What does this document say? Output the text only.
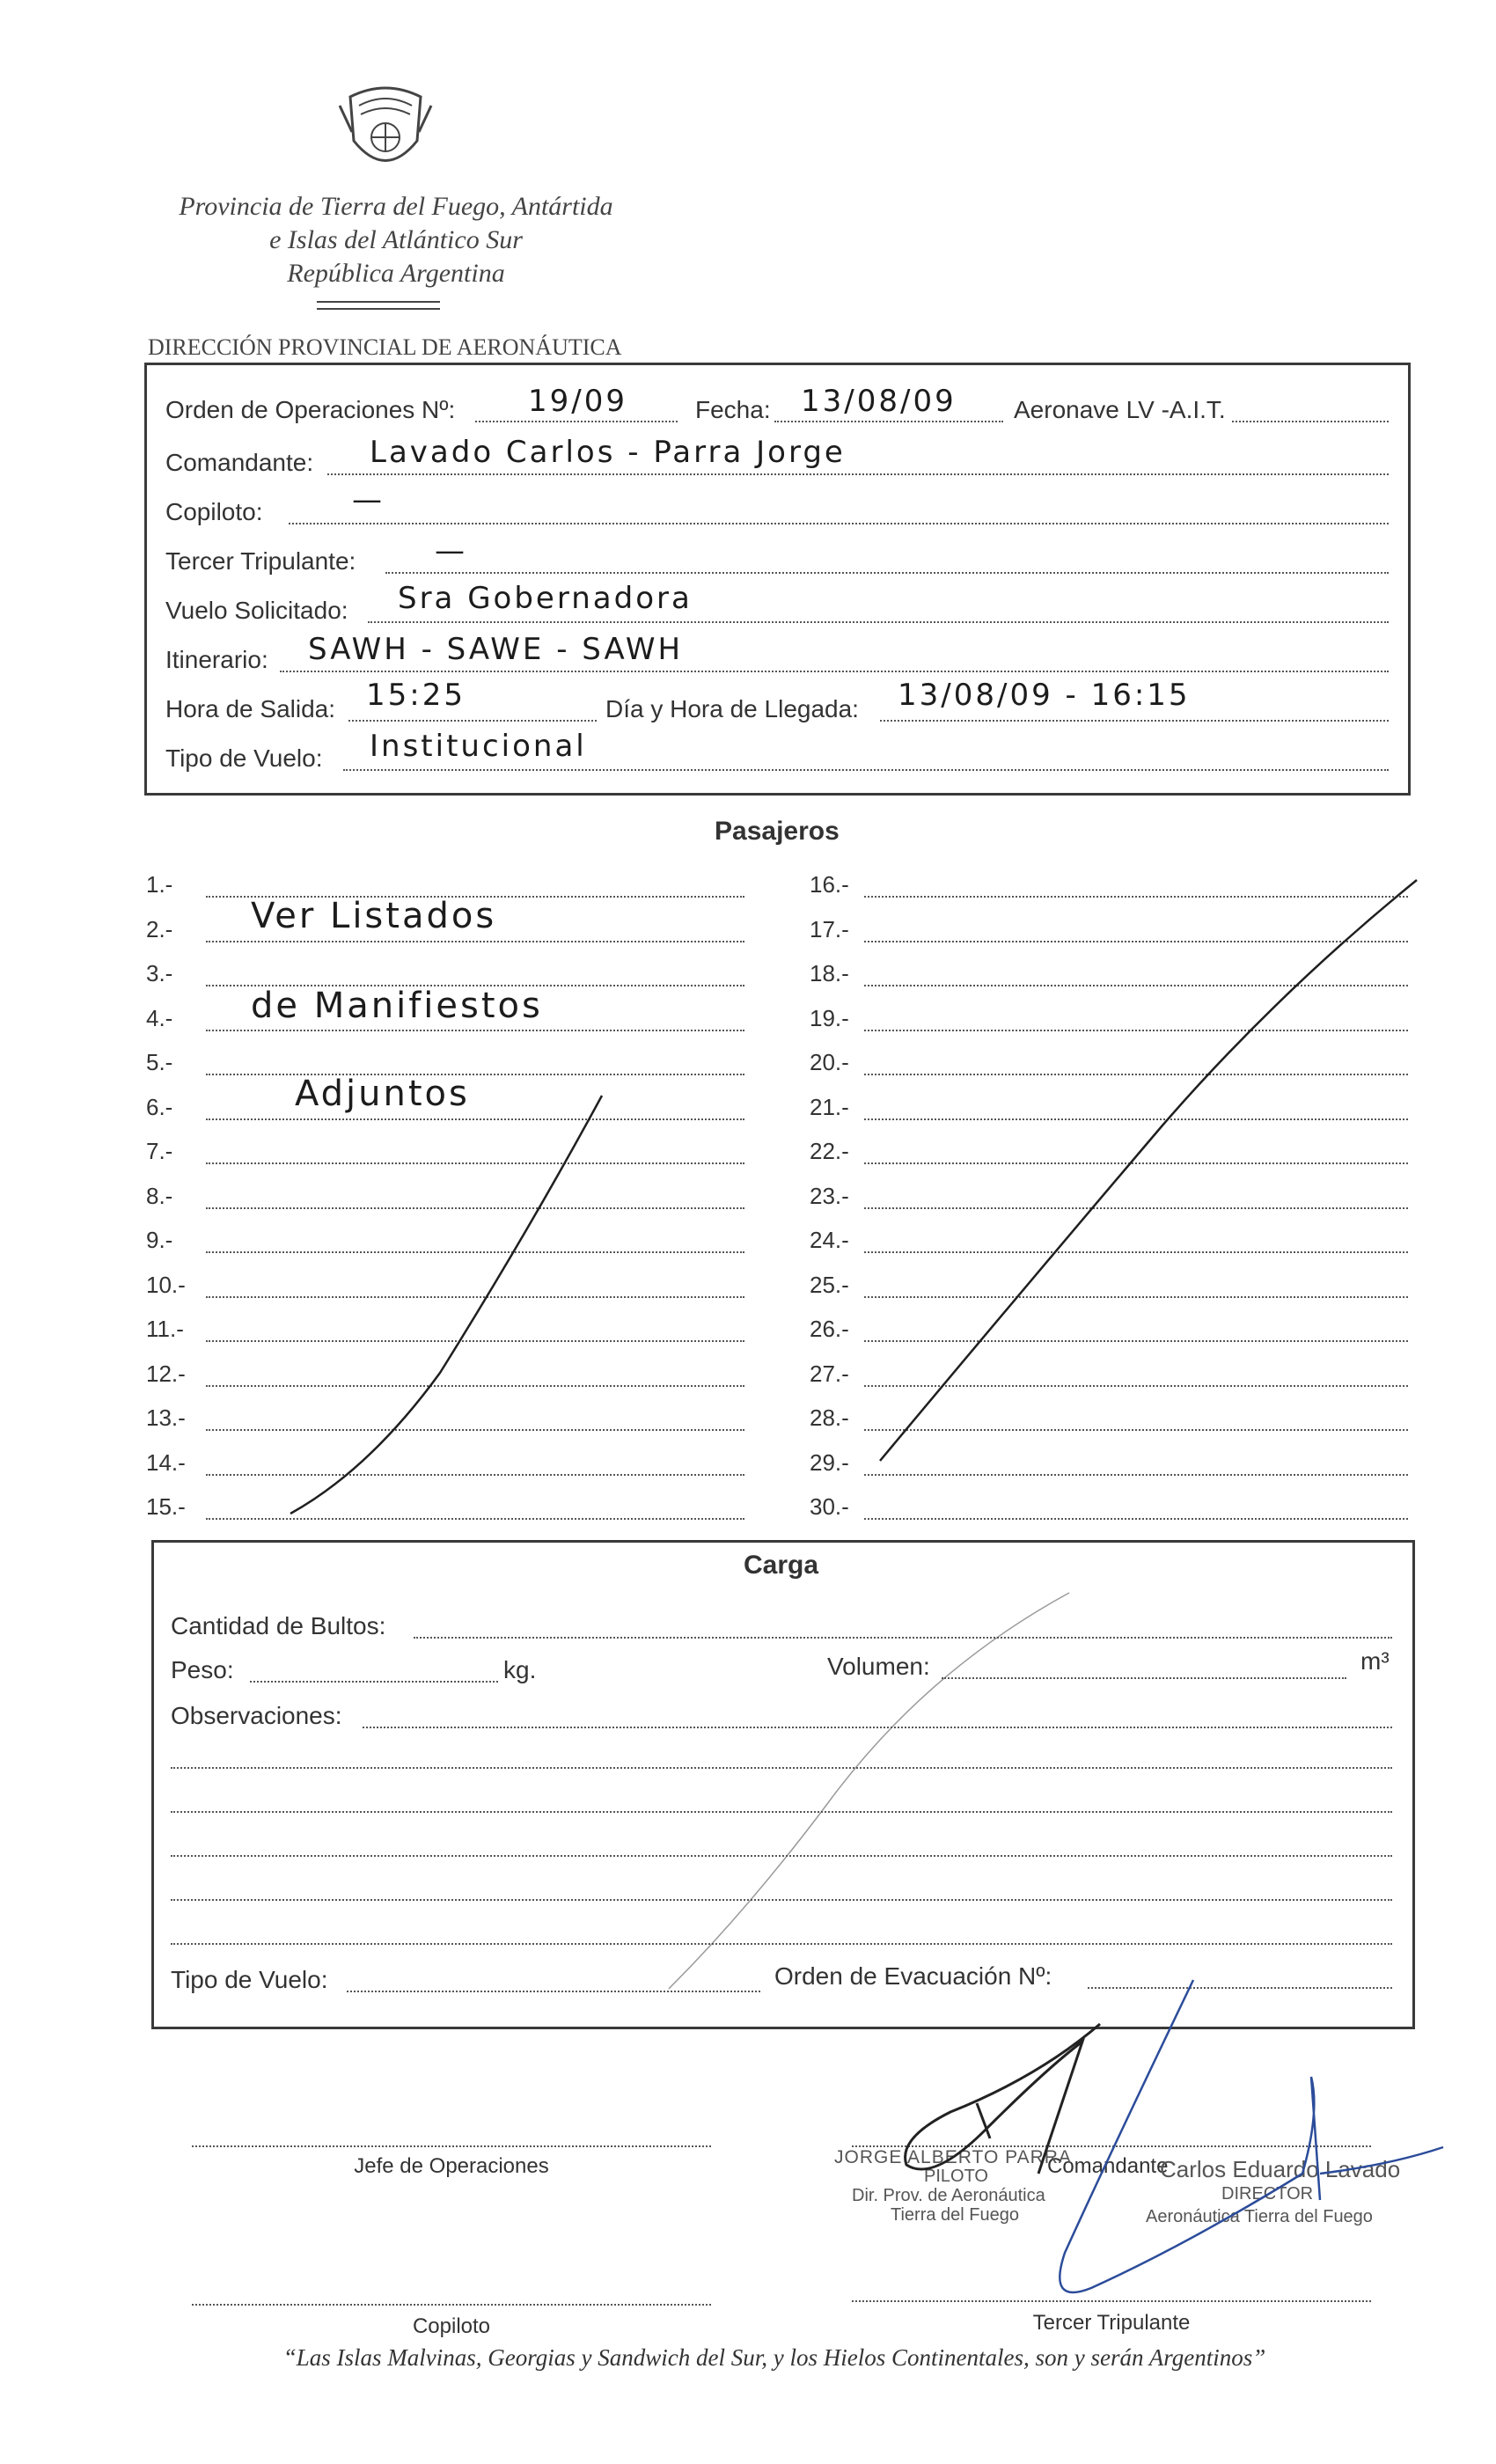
Provincia de Tierra del Fuego, Antártida
e Islas del Atlántico Sur
República Argentina
DIRECCIÓN PROVINCIAL DE AERONÁUTICA
Orden de Operaciones Nº: 19/09	Fecha: 13/08/09 Aeronave LV -A.I.T.
Comandante: Lavado Carlos - Parra Jorge
Copiloto:	—
Tercer Tripulante:	—
Vuelo Solicitado: Sra Gobernadora
Itinerario: SAWH - SAWE - SAWH
Hora de Salida: 15:25	Día y Hora de Llegada: 13/08/09 - 16:15
Tipo de Vuelo: Institucional
Pasajeros
1.-
2.-
3.-
4.-
5.-
6.-
7.-
8.-
9.-
10.-
11.-
12.-
13.-
14.-
15.-
16.-
17.-
18.-
19.-
20.-
21.-
22.-
23.-
24.-
25.-
26.-
27.-
28.-
29.-
30.-
Ver Listados
de Manifiestos
Adjuntos
Carga
Cantidad de Bultos:
Peso:	kg.	Volumen:	m³
Observaciones:
Tipo de Vuelo:	Orden de Evacuación Nº:
Jefe de Operaciones	Comandante
JORGE ALBERTO PARRA
PILOTO
Dir. Prov. de Aeronáutica
Tierra del Fuego
Carlos Eduardo Lavado
DIRECTOR
Aeronáutica Tierra del Fuego
Copiloto	Tercer Tripulante
“Las Islas Malvinas, Georgias y Sandwich del Sur, y los Hielos Continentales, son y serán Argentinos”
